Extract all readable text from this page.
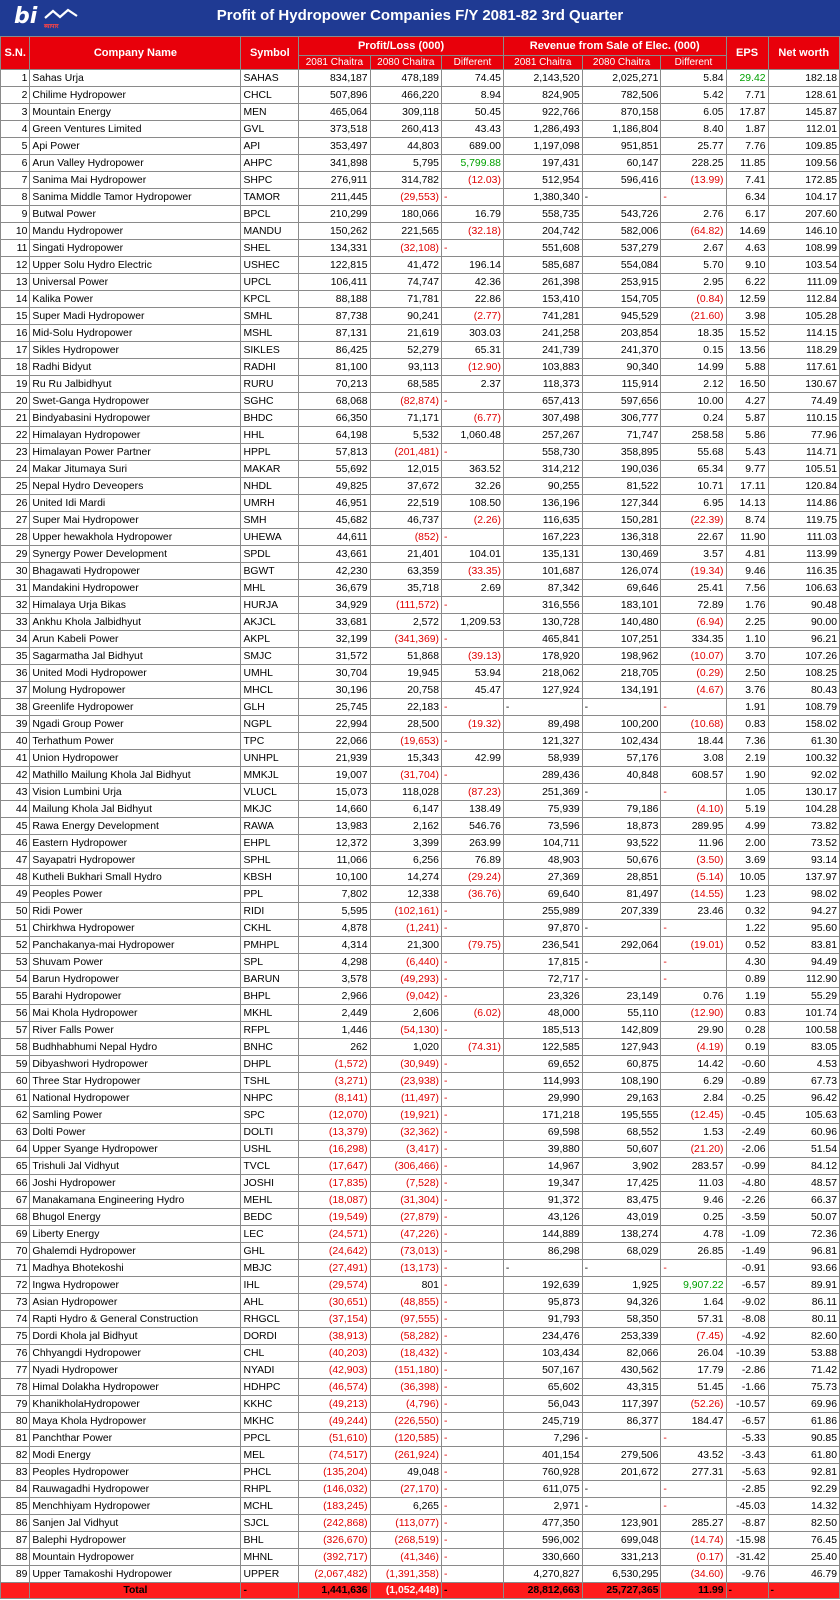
bi ब्यापार
Profit of Hydropower Companies F/Y 2081-82 3rd Quarter
S.N.	Company Name	Symbol	Profit/Loss (000)			Revenue from Sale of Elec. (000)			EPS	Net worth
			2081 Chaitra	2080 Chaitra	Different	2081 Chaitra	2080 Chaitra	Different		
1	Sahas Urja	SAHAS	834,187	478,189	74.45	2,143,520	2,025,271	5.84	29.42	182.18
2	Chilime Hydropower	CHCL	507,896	466,220	8.94	824,905	782,506	5.42	7.71	128.61
3	Mountain Energy	MEN	465,064	309,118	50.45	922,766	870,158	6.05	17.87	145.87
4	Green Ventures Limited	GVL	373,518	260,413	43.43	1,286,493	1,186,804	8.40	1.87	112.01
5	Api Power	API	353,497	44,803	689.00	1,197,098	951,851	25.77	7.76	109.85
6	Arun Valley Hydropower	AHPC	341,898	5,795	5,799.88	197,431	60,147	228.25	11.85	109.56
7	Sanima Mai Hydropower	SHPC	276,911	314,782	(12.03)	512,954	596,416	(13.99)	7.41	172.85
8	Sanima Middle Tamor Hydropower	TAMOR	211,445	(29,553)	-	1,380,340	-	-	6.34	104.17
9	Butwal Power	BPCL	210,299	180,066	16.79	558,735	543,726	2.76	6.17	207.60
10	Mandu Hydropower	MANDU	150,262	221,565	(32.18)	204,742	582,006	(64.82)	14.69	146.10
11	Singati Hydropower	SHEL	134,331	(32,108)	-	551,608	537,279	2.67	4.63	108.99
12	Upper Solu Hydro Electric	USHEC	122,815	41,472	196.14	585,687	554,084	5.70	9.10	103.54
13	Universal Power	UPCL	106,411	74,747	42.36	261,398	253,915	2.95	6.22	111.09
14	Kalika Power	KPCL	88,188	71,781	22.86	153,410	154,705	(0.84)	12.59	112.84
15	Super Madi Hydropower	SMHL	87,738	90,241	(2.77)	741,281	945,529	(21.60)	3.98	105.28
16	Mid-Solu Hydropower	MSHL	87,131	21,619	303.03	241,258	203,854	18.35	15.52	114.15
17	Sikles Hydropower	SIKLES	86,425	52,279	65.31	241,739	241,370	0.15	13.56	118.29
18	Radhi Bidyut	RADHI	81,100	93,113	(12.90)	103,883	90,340	14.99	5.88	117.61
19	Ru Ru Jalbidhyut	RURU	70,213	68,585	2.37	118,373	115,914	2.12	16.50	130.67
20	Swet-Ganga Hydropower	SGHC	68,068	(82,874)	-	657,413	597,656	10.00	4.27	74.49
21	Bindyabasini Hydropower	BHDC	66,350	71,171	(6.77)	307,498	306,777	0.24	5.87	110.15
22	Himalayan Hydropower	HHL	64,198	5,532	1,060.48	257,267	71,747	258.58	5.86	77.96
23	Himalayan Power Partner	HPPL	57,813	(201,481)	-	558,730	358,895	55.68	5.43	114.71
24	Makar Jitumaya Suri	MAKAR	55,692	12,015	363.52	314,212	190,036	65.34	9.77	105.51
25	Nepal Hydro Deveopers	NHDL	49,825	37,672	32.26	90,255	81,522	10.71	17.11	120.84
26	United Idi Mardi	UMRH	46,951	22,519	108.50	136,196	127,344	6.95	14.13	114.86
27	Super Mai Hydropower	SMH	45,682	46,737	(2.26)	116,635	150,281	(22.39)	8.74	119.75
28	Upper hewakhola Hydropower	UHEWA	44,611	(852)	-	167,223	136,318	22.67	11.90	111.03
29	Synergy Power Development	SPDL	43,661	21,401	104.01	135,131	130,469	3.57	4.81	113.99
30	Bhagawati Hydropower	BGWT	42,230	63,359	(33.35)	101,687	126,074	(19.34)	9.46	116.35
31	Mandakini Hydropower	MHL	36,679	35,718	2.69	87,342	69,646	25.41	7.56	106.63
32	Himalaya Urja Bikas	HURJA	34,929	(111,572)	-	316,556	183,101	72.89	1.76	90.48
33	Ankhu Khola Jalbidhyut	AKJCL	33,681	2,572	1,209.53	130,728	140,480	(6.94)	2.25	90.00
34	Arun Kabeli Power	AKPL	32,199	(341,369)	-	465,841	107,251	334.35	1.10	96.21
35	Sagarmatha Jal Bidhyut	SMJC	31,572	51,868	(39.13)	178,920	198,962	(10.07)	3.70	107.26
36	United Modi Hydropower	UMHL	30,704	19,945	53.94	218,062	218,705	(0.29)	2.50	108.25
37	Molung Hydropower	MHCL	30,196	20,758	45.47	127,924	134,191	(4.67)	3.76	80.43
38	Greenlife Hydropower	GLH	25,745	22,183	-	-	-	-	1.91	108.79
39	Ngadi Group Power	NGPL	22,994	28,500	(19.32)	89,498	100,200	(10.68)	0.83	158.02
40	Terhathum Power	TPC	22,066	(19,653)	-	121,327	102,434	18.44	7.36	61.30
41	Union Hydropower	UNHPL	21,939	15,343	42.99	58,939	57,176	3.08	2.19	100.32
42	Mathillo Mailung Khola Jal Bidhyut	MMKJL	19,007	(31,704)	-	289,436	40,848	608.57	1.90	92.02
43	Vision Lumbini Urja	VLUCL	15,073	118,028	(87.23)	251,369	-	-	1.05	130.17
44	Mailung Khola Jal Bidhyut	MKJC	14,660	6,147	138.49	75,939	79,186	(4.10)	5.19	104.28
45	Rawa Energy Development	RAWA	13,983	2,162	546.76	73,596	18,873	289.95	4.99	73.82
46	Eastern Hydropower	EHPL	12,372	3,399	263.99	104,711	93,522	11.96	2.00	73.52
47	Sayapatri Hydropower	SPHL	11,066	6,256	76.89	48,903	50,676	(3.50)	3.69	93.14
48	Kutheli Bukhari Small Hydro	KBSH	10,100	14,274	(29.24)	27,369	28,851	(5.14)	10.05	137.97
49	Peoples Power	PPL	7,802	12,338	(36.76)	69,640	81,497	(14.55)	1.23	98.02
50	Ridi Power	RIDI	5,595	(102,161)	-	255,989	207,339	23.46	0.32	94.27
51	Chirkhwa Hydropower	CKHL	4,878	(1,241)	-	97,870	-	-	1.22	95.60
52	Panchakanya-mai Hydropower	PMHPL	4,314	21,300	(79.75)	236,541	292,064	(19.01)	0.52	83.81
53	Shuvam Power	SPL	4,298	(6,440)	-	17,815	-	-	4.30	94.49
54	Barun Hydropower	BARUN	3,578	(49,293)	-	72,717	-	-	0.89	112.90
55	Barahi Hydropower	BHPL	2,966	(9,042)	-	23,326	23,149	0.76	1.19	55.29
56	Mai Khola Hydropower	MKHL	2,449	2,606	(6.02)	48,000	55,110	(12.90)	0.83	101.74
57	River Falls Power	RFPL	1,446	(54,130)	-	185,513	142,809	29.90	0.28	100.58
58	Budhhabhumi Nepal Hydro	BNHC	262	1,020	(74.31)	122,585	127,943	(4.19)	0.19	83.05
59	Dibyashwori Hydropower	DHPL	(1,572)	(30,949)	-	69,652	60,875	14.42	-0.60	4.53
60	Three Star Hydropower	TSHL	(3,271)	(23,938)	-	114,993	108,190	6.29	-0.89	67.73
61	National Hydropower	NHPC	(8,141)	(11,497)	-	29,990	29,163	2.84	-0.25	96.42
62	Samling Power	SPC	(12,070)	(19,921)	-	171,218	195,555	(12.45)	-0.45	105.63
63	Dolti Power	DOLTI	(13,379)	(32,362)	-	69,598	68,552	1.53	-2.49	60.96
64	Upper Syange Hydropower	USHL	(16,298)	(3,417)	-	39,880	50,607	(21.20)	-2.06	51.54
65	Trishuli Jal Vidhyut	TVCL	(17,647)	(306,466)	-	14,967	3,902	283.57	-0.99	84.12
66	Joshi Hydropower	JOSHI	(17,835)	(7,528)	-	19,347	17,425	11.03	-4.80	48.57
67	Manakamana Engineering Hydro	MEHL	(18,087)	(31,304)	-	91,372	83,475	9.46	-2.26	66.37
68	Bhugol Energy	BEDC	(19,549)	(27,879)	-	43,126	43,019	0.25	-3.59	50.07
69	Liberty Energy	LEC	(24,571)	(47,226)	-	144,889	138,274	4.78	-1.09	72.36
70	Ghalemdi Hydropower	GHL	(24,642)	(73,013)	-	86,298	68,029	26.85	-1.49	96.81
71	Madhya Bhotekoshi	MBJC	(27,491)	(13,173)	-	-	-	-	-0.91	93.66
72	Ingwa Hydropower	IHL	(29,574)	801	-	192,639	1,925	9,907.22	-6.57	89.91
73	Asian Hydropower	AHL	(30,651)	(48,855)	-	95,873	94,326	1.64	-9.02	86.11
74	Rapti Hydro & General Construction	RHGCL	(37,154)	(97,555)	-	91,793	58,350	57.31	-8.08	80.11
75	Dordi Khola jal Bidhyut	DORDI	(38,913)	(58,282)	-	234,476	253,339	(7.45)	-4.92	82.60
76	Chhyangdi Hydropower	CHL	(40,203)	(18,432)	-	103,434	82,066	26.04	-10.39	53.88
77	Nyadi Hydropower	NYADI	(42,903)	(151,180)	-	507,167	430,562	17.79	-2.86	71.42
78	Himal Dolakha Hydropower	HDHPC	(46,574)	(36,398)	-	65,602	43,315	51.45	-1.66	75.73
79	KhanikholaHydropower	KKHC	(49,213)	(4,796)	-	56,043	117,397	(52.26)	-10.57	69.96
80	Maya Khola Hydropower	MKHC	(49,244)	(226,550)	-	245,719	86,377	184.47	-6.57	61.86
81	Panchthar Power	PPCL	(51,610)	(120,585)	-	7,296	-	-	-5.33	90.85
82	Modi Energy	MEL	(74,517)	(261,924)	-	401,154	279,506	43.52	-3.43	61.80
83	Peoples Hydropower	PHCL	(135,204)	49,048	-	760,928	201,672	277.31	-5.63	92.81
84	Rauwagadhi Hydropower	RHPL	(146,032)	(27,170)	-	611,075	-	-	-2.85	92.29
85	Menchhiyam Hydropower	MCHL	(183,245)	6,265	-	2,971	-	-	-45.03	14.32
86	Sanjen Jal Vidhyut	SJCL	(242,868)	(113,077)	-	477,350	123,901	285.27	-8.87	82.50
87	Balephi Hydropower	BHL	(326,670)	(268,519)	-	596,002	699,048	(14.74)	-15.98	76.45
88	Mountain Hydropower	MHNL	(392,717)	(41,346)	-	330,660	331,213	(0.17)	-31.42	25.40
89	Upper Tamakoshi Hydropower	UPPER	(2,067,482)	(1,391,358)	-	4,270,827	6,530,295	(34.60)	-9.76	46.79
	Total	-	1,441,636	(1,052,448)	-	28,812,663	25,727,365	11.99	-	-
